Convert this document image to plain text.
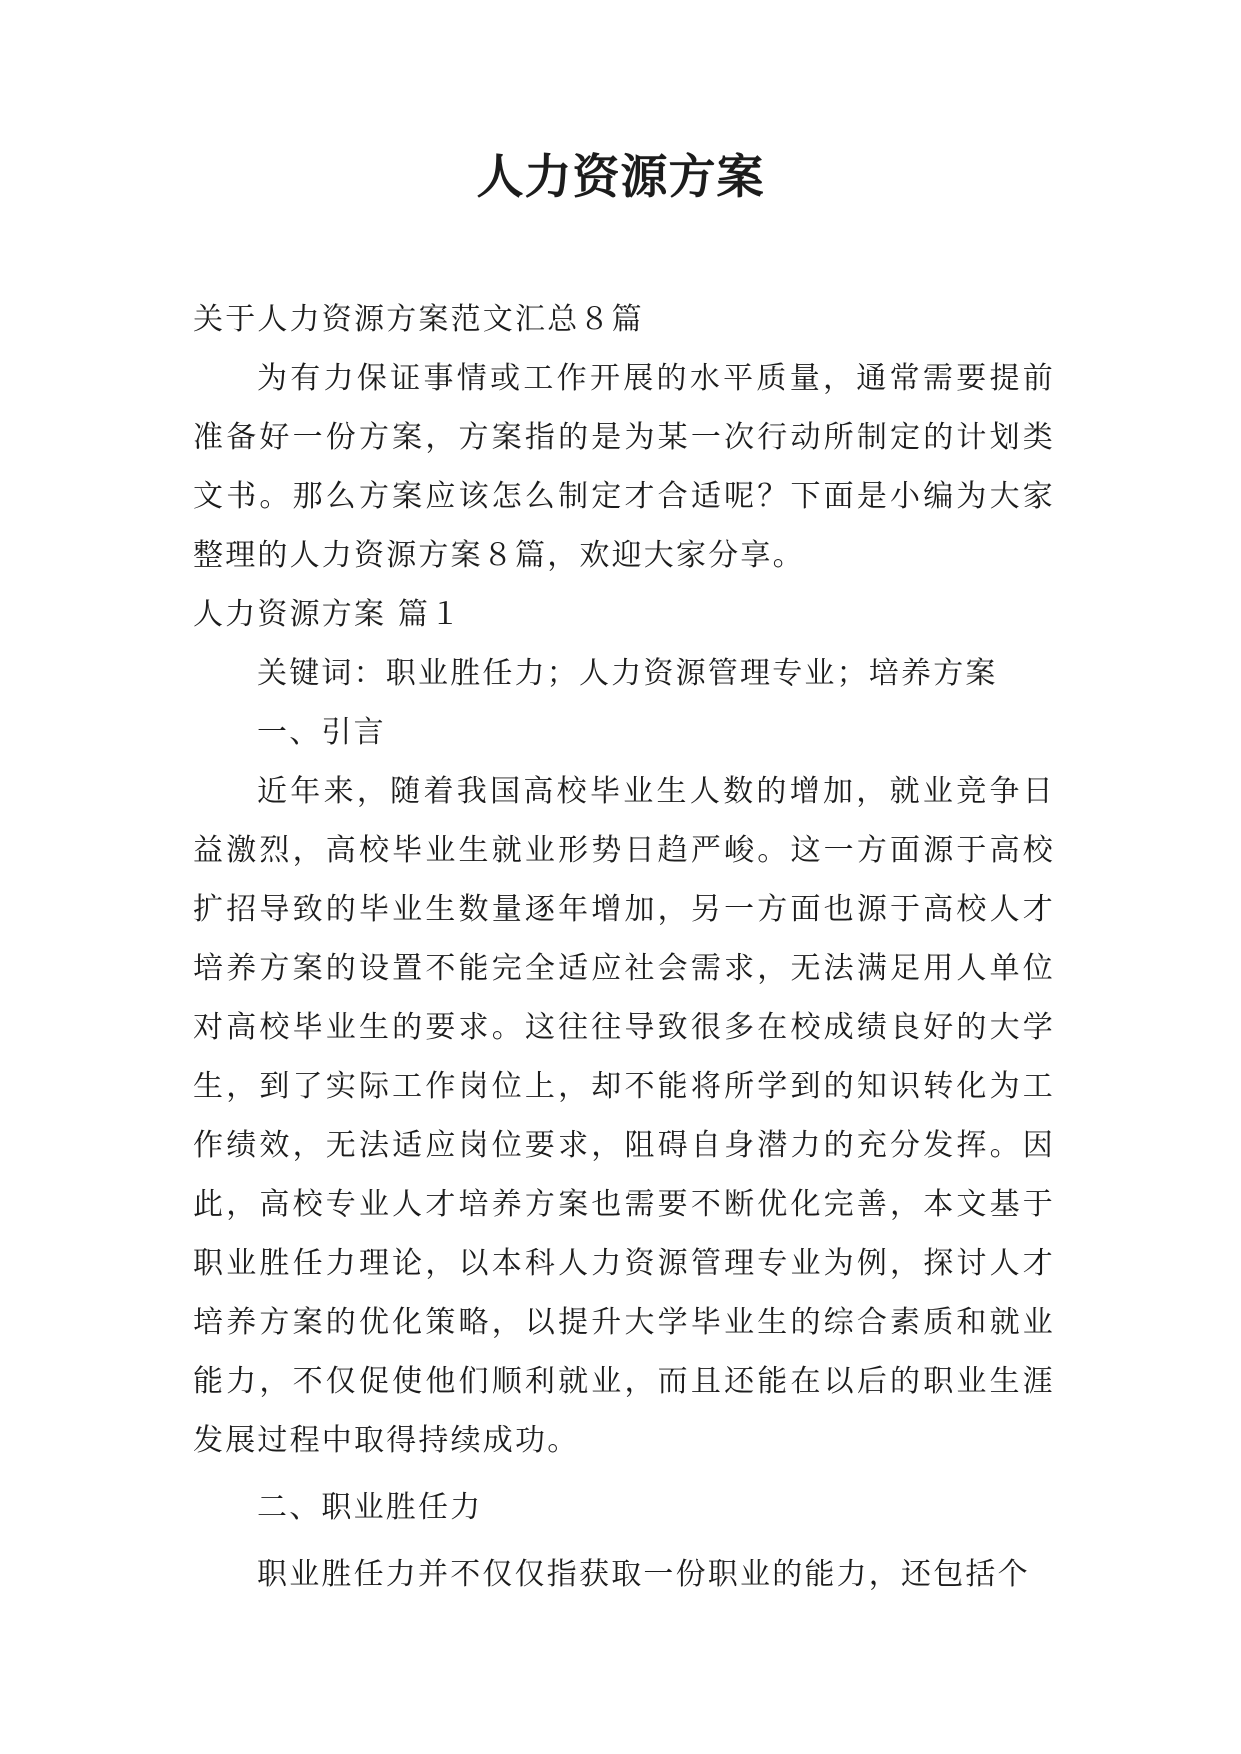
人力资源方案

关于人力资源方案范文汇总８篇

为有力保证事情或工作开展的水平质量，通常需要提前准备好一份方案，方案指的是为某一次行动所制定的计划类文书。那么方案应该怎么制定才合适呢？下面是小编为大家整理的人力资源方案８篇，欢迎大家分享。

人力资源方案 篇１

关键词：职业胜任力；人力资源管理专业；培养方案

一、引言

近年来，随着我国高校毕业生人数的增加，就业竞争日益激烈，高校毕业生就业形势日趋严峻。这一方面源于高校扩招导致的毕业生数量逐年增加，另一方面也源于高校人才培养方案的设置不能完全适应社会需求，无法满足用人单位对高校毕业生的要求。这往往导致很多在校成绩良好的大学生，到了实际工作岗位上，却不能将所学到的知识转化为工作绩效，无法适应岗位要求，阻碍自身潜力的充分发挥。因此，高校专业人才培养方案也需要不断优化完善，本文基于职业胜任力理论，以本科人力资源管理专业为例，探讨人才培养方案的优化策略，以提升大学毕业生的综合素质和就业能力，不仅促使他们顺利就业，而且还能在以后的职业生涯发展过程中取得持续成功。

二、职业胜任力

职业胜任力并不仅仅指获取一份职业的能力，还包括个
